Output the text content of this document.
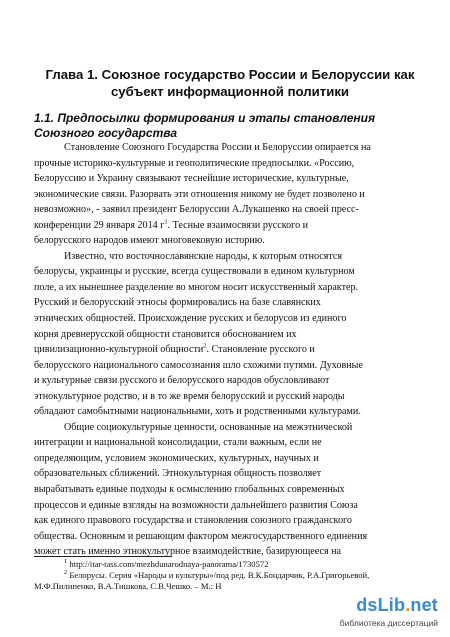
Глава 1. Союзное государство России и Белоруссии как
субъект информационной политики
1.1. Предпосылки формирования и этапы становления
Союзного государства

Становление Союзного Государства России и Белоруссии опирается на

прочные историко-культурные и геополитические предпосылки. «Россию,

Белоруссию и Украину связывают теснейшие исторические, культурные,

экономические связи. Разорвать эти отношения никому не будет позволено и

невозможно», - заявил президент Белоруссии А.Лукашенко на своей пресс-

конференции 29 января 2014 $г^1$. Тесные взаимосвязи русского и

белорусского народов имеют многовековую историю.

Известно, что восточнославянские народы, к которым относятся

белорусы, украинцы и русские, всегда существовали в едином культурном

поле, а их нынешнее разделение во многом носит искусственный характер.

Русский и белорусский этносы формировались на базе славянских

этнических общностей. Происхождение русских и белорусов из единого

корня древнерусской общности становится обоснованием их

цивилизационно-культурной общности$^2$. Становление русского и

белорусского национального самосознания шло схожими путями. Духовные

и культурные связи русского и белорусского народов обусловливают

этнокультурное родство, и в то же время белорусский и русский народы

обладают самобытными национальными, хоть и родственными культурами.

Общие социокультурные ценности, основанные на межэтнической

интеграции и национальной консолидации, стали важным, если не

определяющим, условием экономических, культурных, научных и

образовательных сближений. Этнокультурная общность позволяет

вырабатывать единые подходы к осмыслению глобальных современных

процессов и единые взгляды на возможности дальнейшего развития Союза

как единого правового государства и становления союзного гражданского

общества. Основным и решающим фактором межгосударственного единения

может стать именно этнокультурное взаимодействие, базирующееся на

$^1$ http://itar-tass.com/mezhdunarodnaya-panorama/1730572
$^2$ Белорусы. Серия «Народы и культуры»/под ред. В.К.Бондарчик, Р.А.Григорьевой,
М.Ф.Пилипенко, В.А.Тишкова, С.В.Чешко. – М.: Н
dsLib.net
библиотека диссертаций
